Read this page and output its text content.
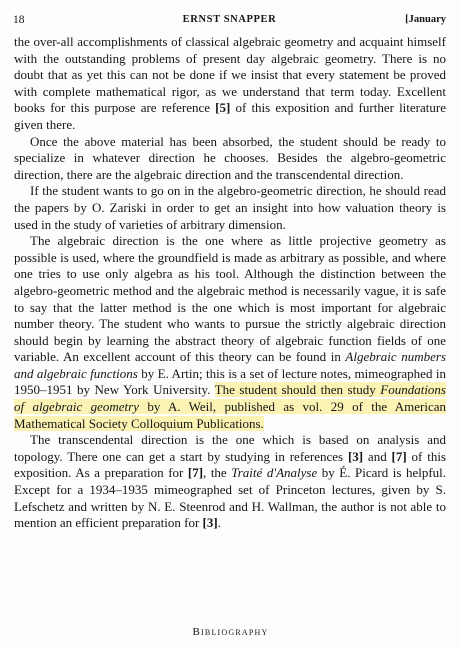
18	ERNST SNAPPER	[January

the over-all accomplishments of classical algebraic geometry and acquaint himself with the outstanding problems of present day algebraic geometry. There is no doubt that as yet this can not be done if we insist that every statement be proved with complete mathematical rigor, as we understand that term today. Excellent books for this purpose are reference [5] of this exposition and further literature given there.

Once the above material has been absorbed, the student should be ready to specialize in whatever direction he chooses. Besides the algebro-geometric direction, there are the algebraic direction and the transcendental direction.

If the student wants to go on in the algebro-geometric direction, he should read the papers by O. Zariski in order to get an insight into how valuation theory is used in the study of varieties of arbitrary dimension.

The algebraic direction is the one where as little projective geometry as possible is used, where the groundfield is made as arbitrary as possible, and where one tries to use only algebra as his tool. Although the distinction between the algebro-geometric method and the algebraic method is necessarily vague, it is safe to say that the latter method is the one which is most important for algebraic number theory. The student who wants to pursue the strictly algebraic direction should begin by learning the abstract theory of algebraic function fields of one variable. An excellent account of this theory can be found in Algebraic numbers and algebraic functions by E. Artin; this is a set of lecture notes, mimeographed in 1950–1951 by New York University. The student should then study Foundations of algebraic geometry by A. Weil, published as vol. 29 of the American Mathematical Society Colloquium Publications.

The transcendental direction is the one which is based on analysis and topology. There one can get a start by studying in references [3] and [7] of this exposition. As a preparation for [7], the Traité d'Analyse by É. Picard is helpful. Except for a 1934–1935 mimeographed set of Princeton lectures, given by S. Lefschetz and written by N. E. Steenrod and H. Wallman, the author is not able to mention an efficient preparation for [3].

Bibliography
